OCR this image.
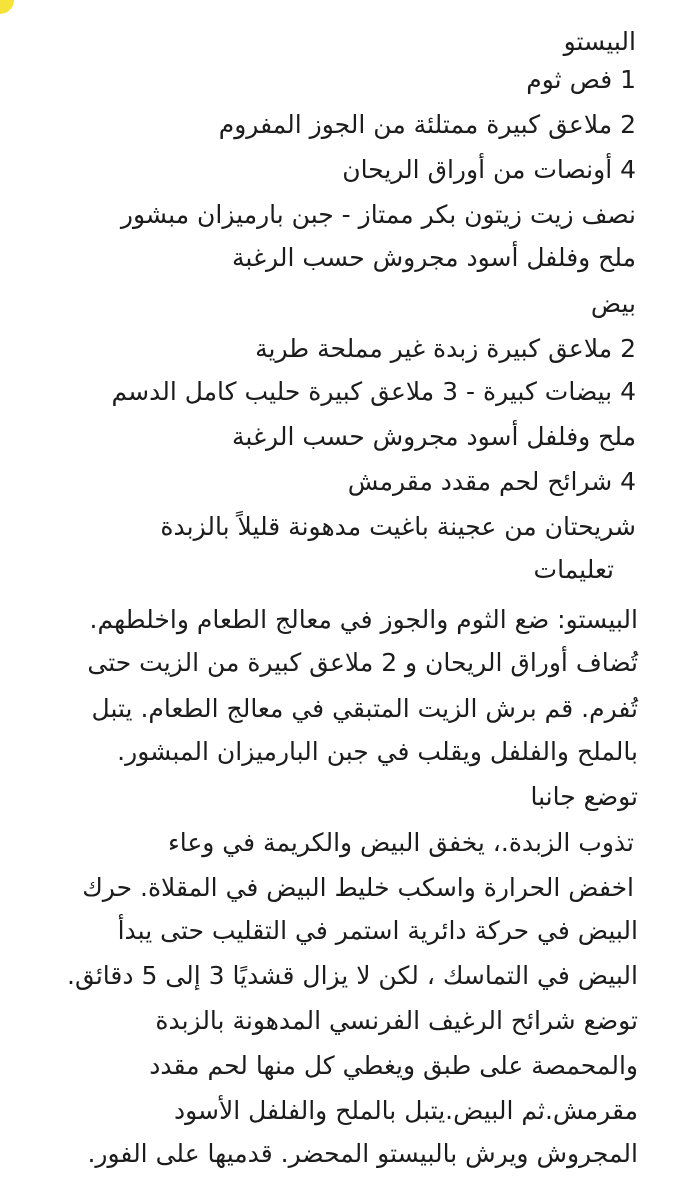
البيستو
1 فص ثوم
2 ملاعق كبيرة ممتلئة من الجوز المفروم
4 أونصات من أوراق الريحان
نصف زيت زيتون بكر ممتاز - جبن بارميزان مبشور
ملح وفلفل أسود مجروش حسب الرغبة
بيض
2 ملاعق كبيرة زبدة غير مملحة طرية
4 بيضات كبيرة - 3 ملاعق كبيرة حليب كامل الدسم
ملح وفلفل أسود مجروش حسب الرغبة
4 شرائح لحم مقدد مقرمش
شريحتان من عجينة باغيت مدهونة قليلاً بالزبدة
تعليمات
البيستو: ضع الثوم والجوز في معالج الطعام واخلطهم.
تُضاف أوراق الريحان و 2 ملاعق كبيرة من الزيت حتى
تُفرم. قم برش الزيت المتبقي في معالج الطعام. يتبل
بالملح والفلفل ويقلب في جبن البارميزان المبشور.
توضع جانبا
تذوب الزبدة.، يخفق البيض والكريمة في وعاء
اخفض الحرارة واسكب خليط البيض في المقلاة. حرك
البيض في حركة دائرية استمر في التقليب حتى يبدأ
البيض في التماسك ، لكن لا يزال قشديًا 3 إلى 5 دقائق.
توضع شرائح الرغيف الفرنسي المدهونة بالزبدة
والمحمصة على طبق ويغطي كل منها لحم مقدد
مقرمش.ثم البيض.يتبل بالملح والفلفل الأسود
المجروش ويرش بالبيستو المحضر. قدميها على الفور.
